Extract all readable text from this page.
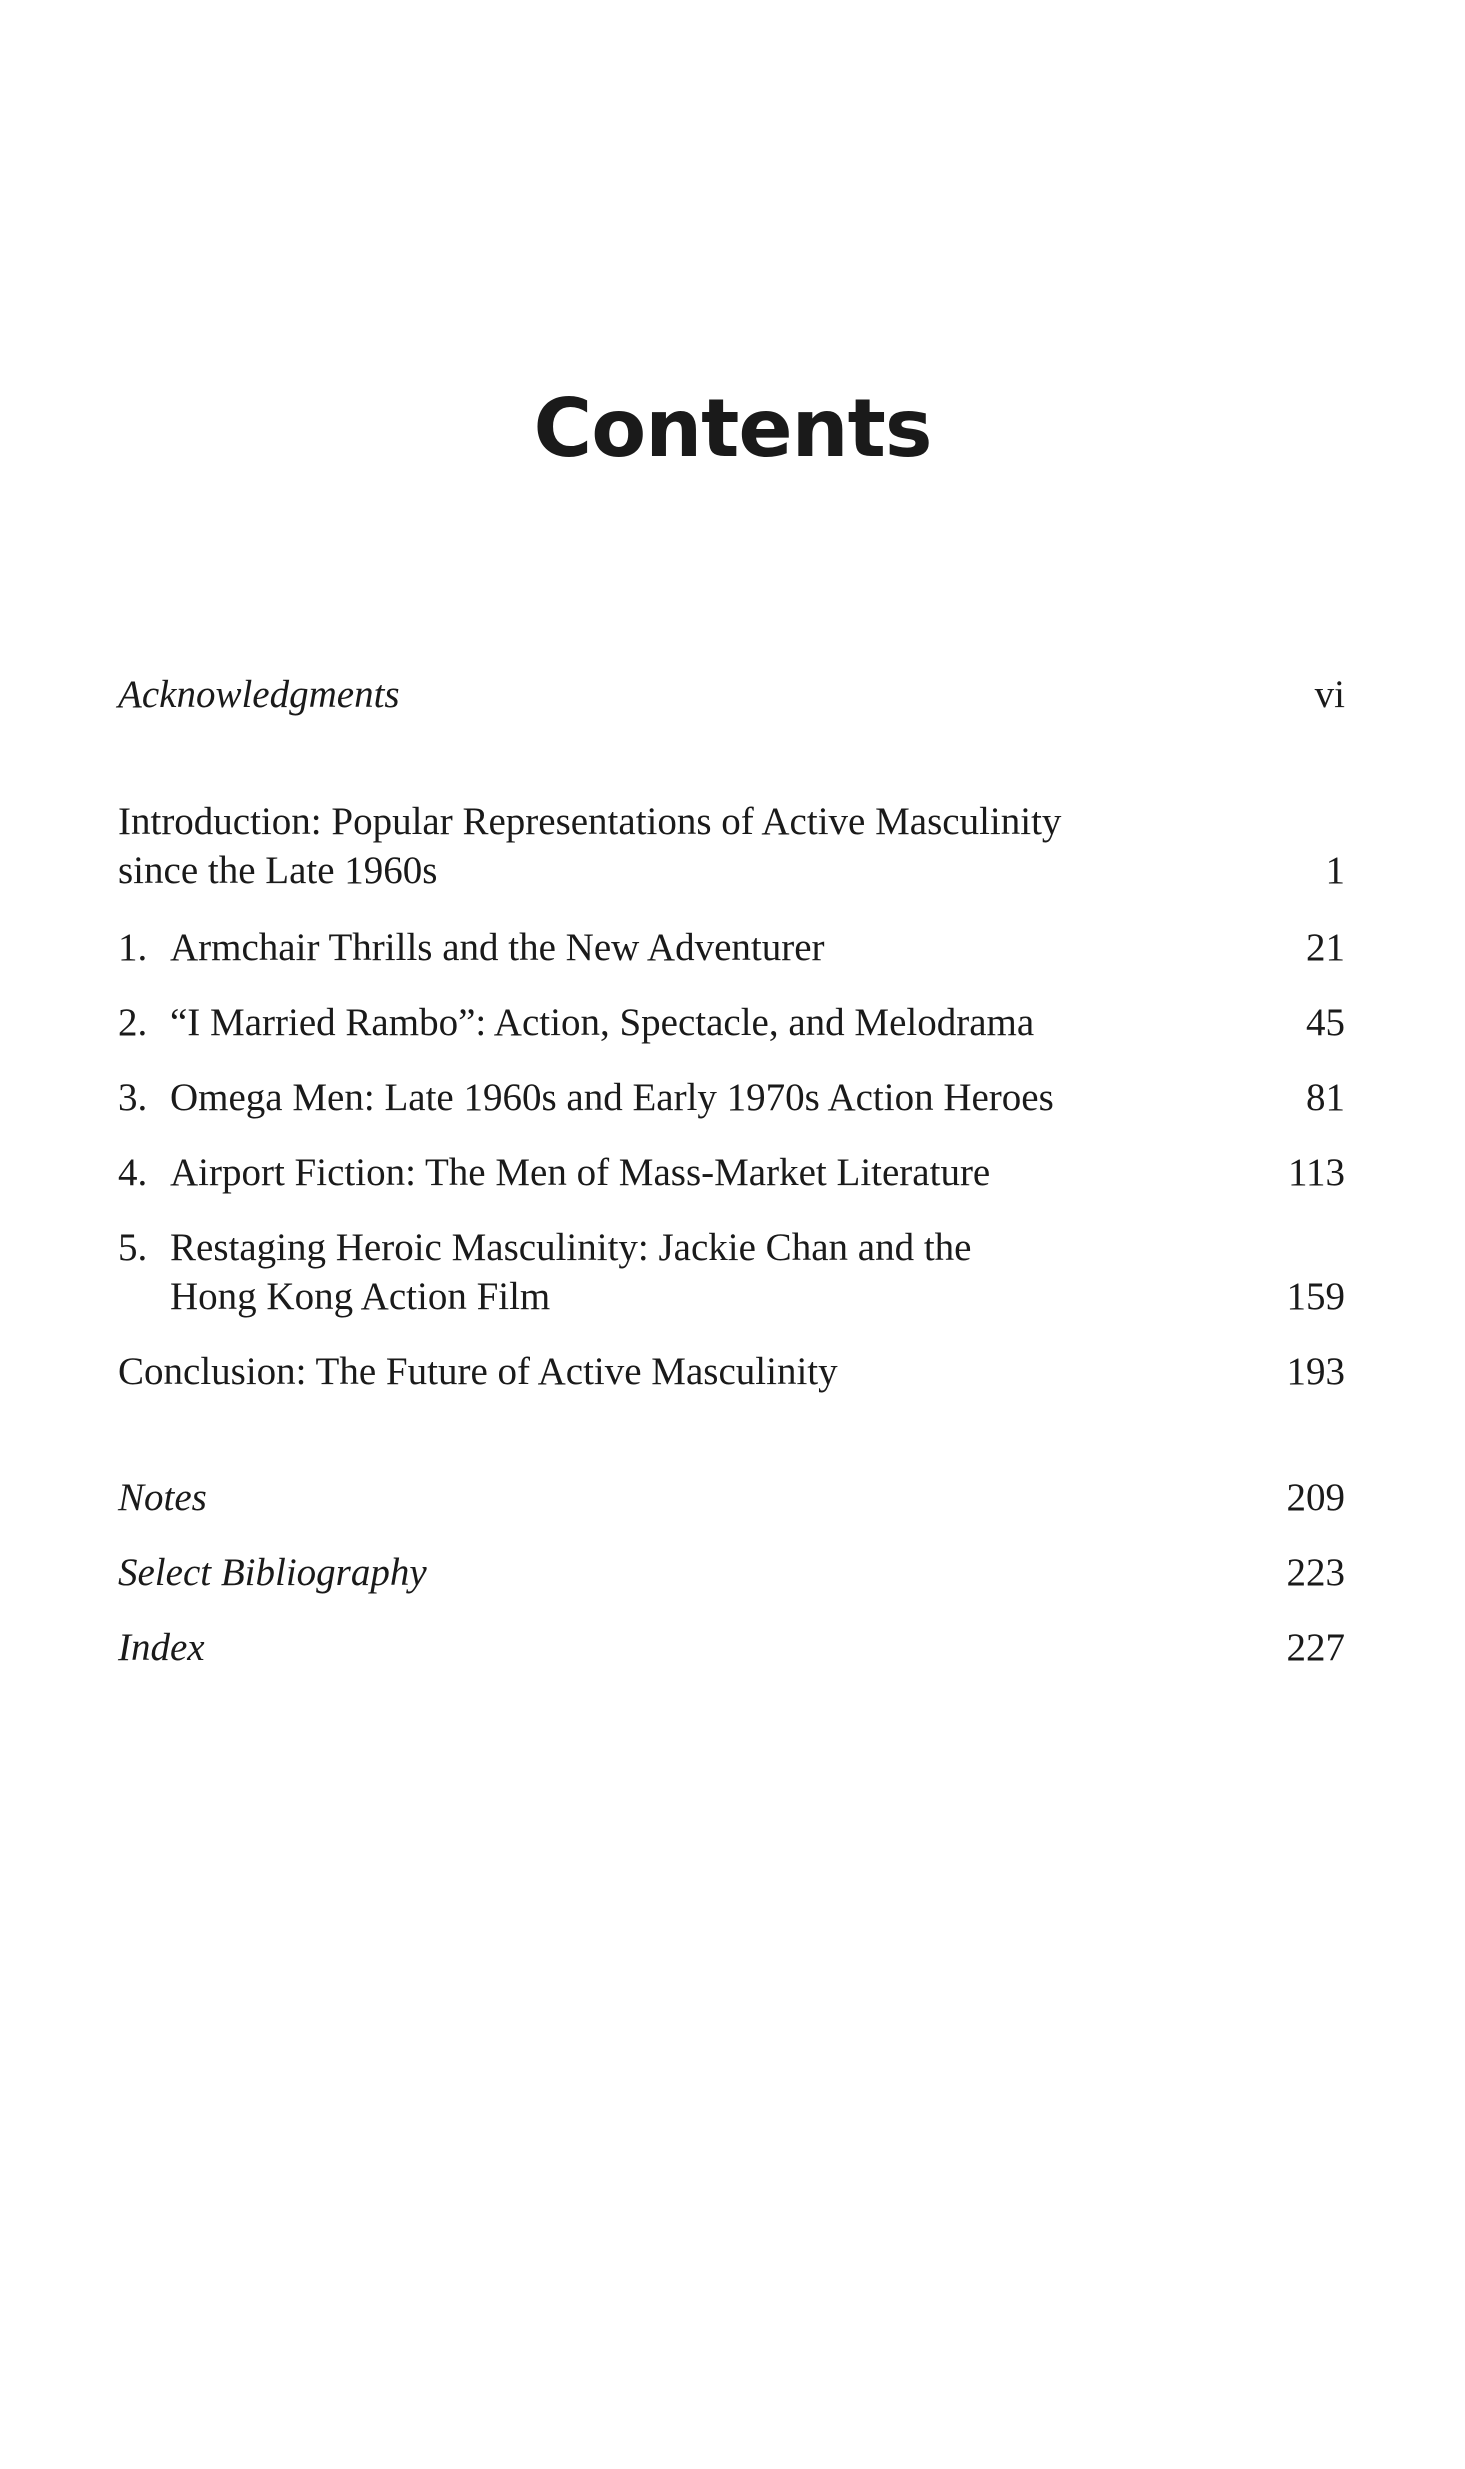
Contents
Acknowledgments	vi
Introduction: Popular Representations of Active Masculinity
since the Late 1960s	1
1. Armchair Thrills and the New Adventurer	21
2. “I Married Rambo”: Action, Spectacle, and Melodrama	45
3. Omega Men: Late 1960s and Early 1970s Action Heroes	81
4. Airport Fiction: The Men of Mass-Market Literature	113
5. Restaging Heroic Masculinity: Jackie Chan and the
Hong Kong Action Film	159
Conclusion: The Future of Active Masculinity	193
Notes	209
Select Bibliography	223
Index	227
